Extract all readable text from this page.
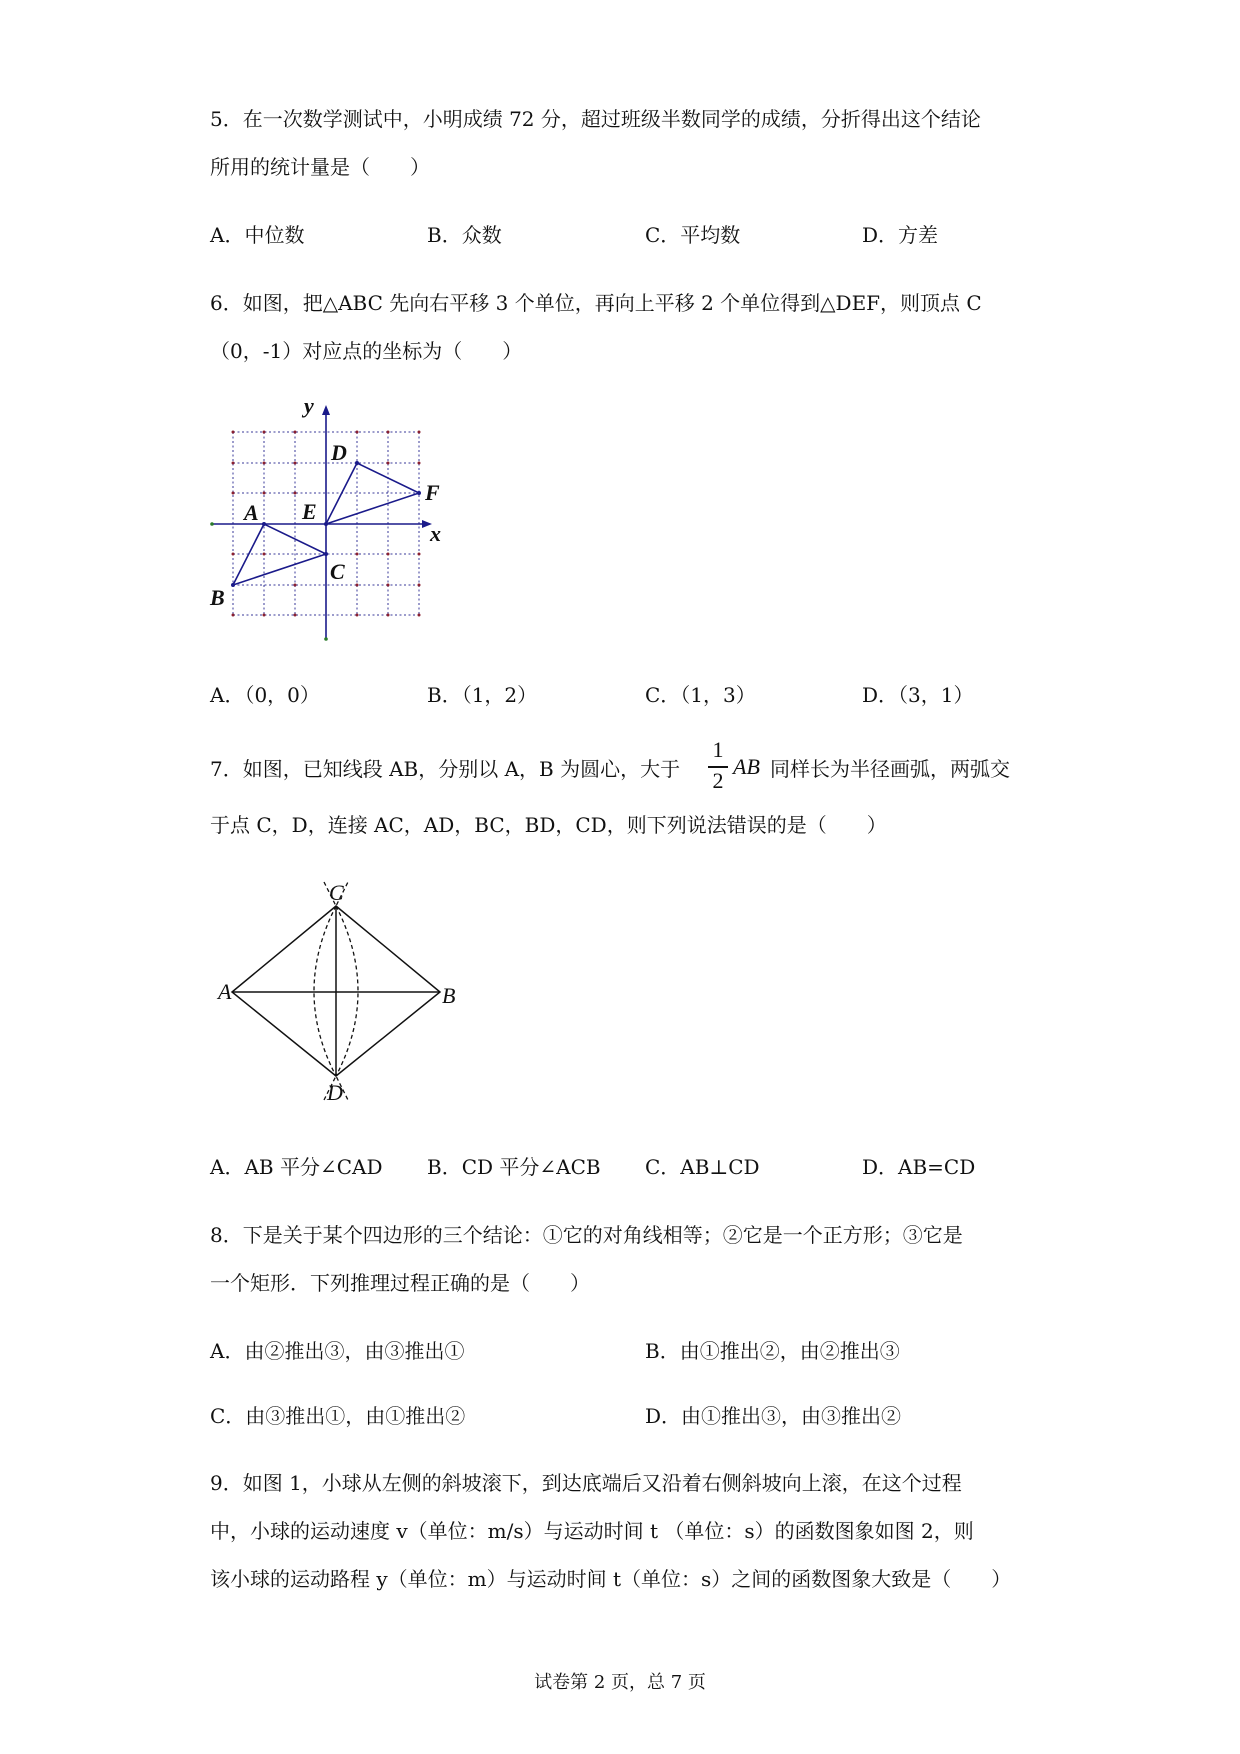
5．在一次数学测试中，小明成绩 72 分，超过班级半数同学的成绩，分折得出这个结论
所用的统计量是（　　）
A．中位数	B．众数	C．平均数	D．方差
6．如图，把△ABC 先向右平移 3 个单位，再向上平移 2 个单位得到△DEF，则顶点 C
（0，-1）对应点的坐标为（　　）
y
x
A
B
C
D
E
F
A．（0，0）	B．（1，2）	C．（1，3）	D．（3，1）
7．如图，已知线段 AB，分别以 A，B 为圆心，大于
1
2
AB 同样长为半径画弧，两弧交
于点 C，D，连接 AC，AD，BC，BD，CD，则下列说法错误的是（　　）
A	B
C
D
A．AB 平分∠CAD B．CD 平分∠ACB C．AB⊥CD	D．AB=CD
8．下是关于某个四边形的三个结论：①它的对角线相等；②它是一个正方形；③它是
一个矩形．下列推理过程正确的是（　　）
A．由②推出③，由③推出①	B．由①推出②，由②推出③
C．由③推出①，由①推出②	D．由①推出③，由③推出②
9．如图 1，小球从左侧的斜坡滚下，到达底端后又沿着右侧斜坡向上滚，在这个过程
中，小球的运动速度 v（单位：m/s）与运动时间 t （单位：s）的函数图象如图 2，则
该小球的运动路程 y（单位：m）与运动时间 t（单位：s）之间的函数图象大致是（　　）
试卷第 2 页，总 7 页
